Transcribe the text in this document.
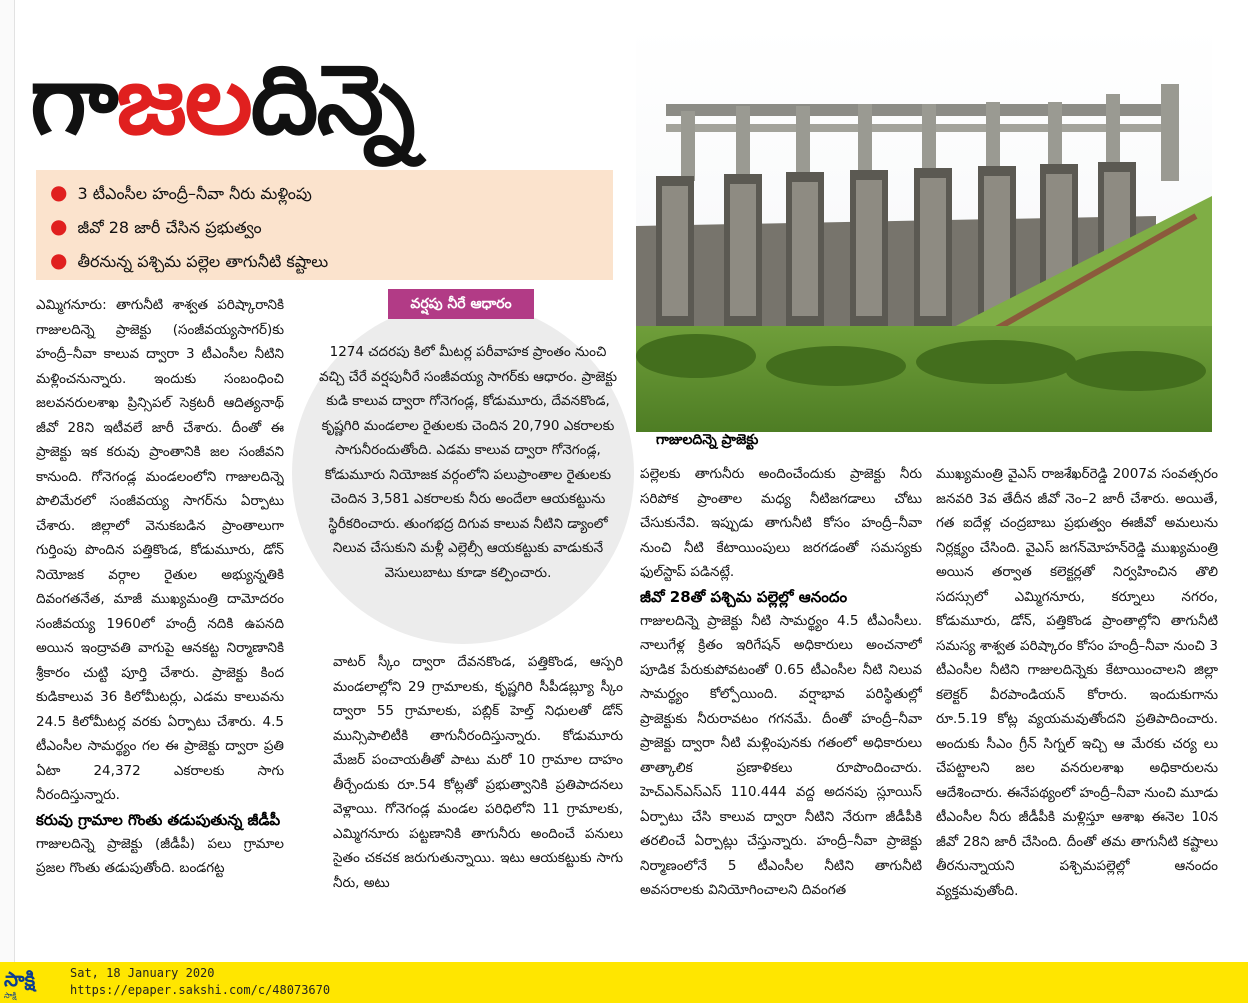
గాజలదిన్నె
● 3 టీఎంసీల హంద్రీ–నీవా నీరు మళ్లింపు
● జీవో 28 జారీ చేసిన ప్రభుత్వం
● తీరనున్న పశ్చిమ పల్లెల తాగునీటి కష్టాలు

ఎమ్మిగనూరు: తాగునీటి శాశ్వత పరిష్కారానికి గాజులదిన్నె ప్రాజెక్టు (సంజీవయ్యసాగర్)కు హంద్రీ–నీవా కాలువ ద్వారా 3 టీఎంసీల నీటిని మళ్లించనున్నారు. ఇందుకు సంబంధించి జలవనరులశాఖ ప్రిన్సిపల్ సెక్రటరీ ఆదిత్యనాథ్ జీవో 28ని ఇటీవలే జారీ చేశారు. దీంతో ఈ ప్రాజెక్టు ఇక కరువు ప్రాంతానికి జల సంజీవని కానుంది. గోనెగండ్ల మండలంలోని గాజులదిన్నె పొలిమేరలో సంజీవయ్య సాగర్‌ను ఏర్పాటు చేశారు. జిల్లాలో వెనుకబడిన ప్రాంతాలుగా గుర్తింపు పొందిన పత్తికొండ, కోడుమూరు, డోన్ నియోజక వర్గాల రైతుల అభ్యున్నతికి దివంగతనేత, మాజీ ముఖ్యమంత్రి దామోదరం సంజీవయ్య 1960లో హంద్రీ నదికి ఉపనది అయిన ఇంద్రావతి వాగుపై ఆనకట్ట నిర్మాణానికి శ్రీకారం చుట్టి పూర్తి చేశారు. ప్రాజెక్టు కింద కుడికాలువ 36 కిలోమీటర్లు, ఎడమ కాలువను 24.5 కిలోమీటర్ల వరకు ఏర్పాటు చేశారు. 4.5 టీఎంసీల సామర్థ్యం గల ఈ ప్రాజెక్టు ద్వారా ప్రతి ఏటా 24,372 ఎకరాలకు సాగు నీరందిస్తున్నారు.

కరువు గ్రామాల గొంతు తడుపుతున్న జీడీపీ

గాజులదిన్నె ప్రాజెక్టు (జీడీపీ) పలు గ్రామాల ప్రజల గొంతు తడుపుతోంది. బండగట్ట

వర్షపు నీరే ఆధారం
1274 చదరపు కిలో మీటర్ల పరీవాహక ప్రాంతం నుంచి వచ్చి చేరే వర్షపునీరే సంజీవయ్య సాగర్‌కు ఆధారం. ప్రాజెక్టు కుడి కాలువ ద్వారా గోనెగండ్ల, కోడుమూరు, దేవనకొండ, కృష్ణగిరి మండలాల రైతులకు చెందిన 20,790 ఎకరాలకు సాగునీరందుతోంది. ఎడమ కాలువ ద్వారా గోనెగండ్ల, కోడుమూరు నియోజక వర్గంలోని పలుప్రాంతాల రైతులకు చెందిన 3,581 ఎకరాలకు నీరు అందేలా ఆయకట్టును స్థిరీకరించారు. తుంగభద్ర దిగువ కాలువ నీటిని డ్యాంలో నిలువ చేసుకుని మళ్లీ ఎల్లెల్సీ ఆయకట్టుకు వాడుకునే వెసులుబాటు కూడా కల్పించారు.

వాటర్ స్కీం ద్వారా దేవనకొండ, పత్తికొండ, ఆస్పరి మండలాల్లోని 29 గ్రామాలకు, కృష్ణగిరి సీపీడబ్ల్యూ స్కీం ద్వారా 55 గ్రామాలకు, పబ్లిక్ హెల్త్ నిధులతో డోన్ మున్సిపాలిటీకి తాగునీరందిస్తున్నారు. కోడుమూరు మేజర్ పంచాయతీతో పాటు మరో 10 గ్రామాల దాహం తీర్చేందుకు రూ.54 కోట్లతో ప్రభుత్వానికి ప్రతిపాదనలు వెళ్లాయి. గోనెగండ్ల మండల పరిధిలోని 11 గ్రామాలకు, ఎమ్మిగనూరు పట్టణానికి తాగునీరు అందించే పనులు సైతం చకచక జరుగుతున్నాయి. ఇటు ఆయకట్టుకు సాగు నీరు, అటు

గాజులదిన్నె ప్రాజెక్టు

పల్లెలకు తాగునీరు అందించేందుకు ప్రాజెక్టు నీరు సరిపోక ప్రాంతాల మధ్య నీటిజగడాలు చోటు చేసుకునేవి. ఇప్పుడు తాగునీటి కోసం హంద్రీ–నీవా నుంచి నీటి కేటాయింపులు జరగడంతో సమస్యకు ఫుల్‌స్టాప్ పడినట్లే.

జీవో 28తో పశ్చిమ పల్లెల్లో ఆనందం

గాజులదిన్నె ప్రాజెక్టు నీటి సామర్థ్యం 4.5 టీఎంసీలు. నాలుగేళ్ల క్రితం ఇరిగేషన్ అధికారులు అంచనాలో పూడిక పేరుకుపోవటంతో 0.65 టీఎంసీల నీటి నిలువ సామర్థ్యం కోల్పోయింది. వర్షాభావ పరిస్థితుల్లో ప్రాజెక్టుకు నీరురావటం గగనమే. దీంతో హంద్రీ–నీవా ప్రాజెక్టు ద్వారా నీటి మళ్లింపునకు గతంలో అధికారులు తాత్కాలిక ప్రణాళికలు రూపొందించారు. హెచ్ఎన్ఎస్ఎస్ 110.444 వద్ద అదనపు స్లూయిస్ ఏర్పాటు చేసి కాలువ ద్వారా నీటిని నేరుగా జీడీపీకి తరలించే ఏర్పాట్లు చేస్తున్నారు. హంద్రీ–నీవా ప్రాజెక్టు నిర్మాణంలోనే 5 టీఎంసీల నీటిని తాగునీటి అవసరాలకు వినియోగించాలని దివంగత

ముఖ్యమంత్రి వైఎస్ రాజశేఖర్‌రెడ్డి 2007వ సంవత్సరం జనవరి 3వ తేదీన జీవో నెం–2 జారీ చేశారు. అయితే, గత ఐదేళ్ల చంద్రబాబు ప్రభుత్వం ఈజీవో అమలును నిర్లక్ష్యం చేసింది. వైఎస్ జగన్‌మోహన్‌రెడ్డి ముఖ్యమంత్రి అయిన తర్వాత కలెక్టర్లతో నిర్వహించిన తొలి సదస్సులో ఎమ్మిగనూరు, కర్నూలు నగరం, కోడుమూరు, డోన్, పత్తికొండ ప్రాంతాల్లోని తాగునీటి సమస్య శాశ్వత పరిష్కారం కోసం హంద్రీ–నీవా నుంచి 3 టీఎంసీల నీటిని గాజులదిన్నెకు కేటాయించాలని జిల్లా కలెక్టర్ వీరపాండియన్ కోరారు. ఇందుకుగాను రూ.5.19 కోట్ల వ్యయమవుతోందని ప్రతిపాదించారు. అందుకు సీఎం గ్రీన్ సిగ్నల్ ఇచ్చి ఆ మేరకు చర్య లు చేపట్టాలని జల వనరులశాఖ అధికారులను ఆదేశించారు. ఈనేపథ్యంలో హంద్రీ–నీవా నుంచి మూడు టీఎంసీల నీరు జీడీపీకి మళ్లిస్తూ ఆశాఖ ఈనెల 10న జీవో 28ని జారీ చేసింది. దీంతో తమ తాగునీటి కష్టాలు తీరనున్నాయని పశ్చిమపల్లెల్లో ఆనందం వ్యక్తమవుతోంది.

సాక్షి
సాక్షి
Sat, 18 January 2020
https://epaper.sakshi.com/c/48073670
